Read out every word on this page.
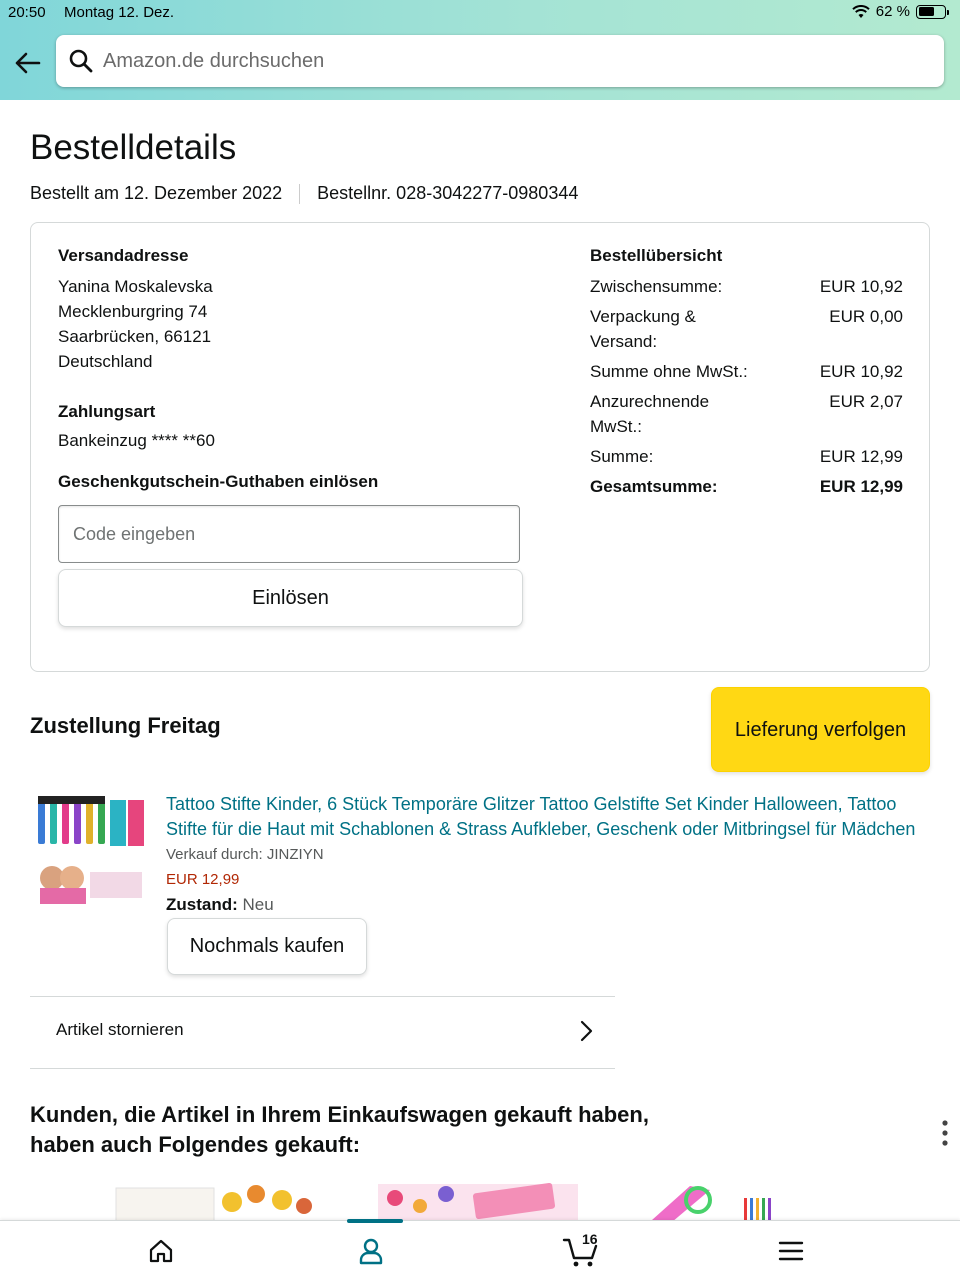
20:50 Montag 12. Dez.	62 %
Amazon.de durchsuchen
Bestelldetails
Bestellt am 12. Dezember 2022 Bestellnr. 028-3042277-0980344
Versandadresse
Yanina Moskalevska
Mecklenburgring 74
Saarbrücken, 66121
Deutschland
Zahlungsart
Bankeinzug **** **60
Geschenkgutschein-Guthaben einlösen
Code eingeben
Einlösen
Bestellübersicht
Zwischensumme:	EUR 10,92
Verpackung & Versand:
EUR 0,00
Summe ohne MwSt.:	EUR 10,92
Anzurechnende MwSt.:
EUR 2,07
Summe:	EUR 12,99
Gesamtsumme:	EUR 12,99
Zustellung Freitag	Lieferung verfolgen
Tattoo Stifte Kinder, 6 Stück Temporäre Glitzer Tattoo Gelstifte Set Kinder Halloween, Tattoo Stifte für die Haut mit Schablonen & Strass Aufkleber, Geschenk oder Mitbringsel für Mädchen
Verkauf durch: JINZIYN
EUR 12,99
Zustand: Neu
Nochmals kaufen
Artikel stornieren
Kunden, die Artikel in Ihrem Einkaufswagen gekauft haben, haben auch Folgendes gekauft:
16
